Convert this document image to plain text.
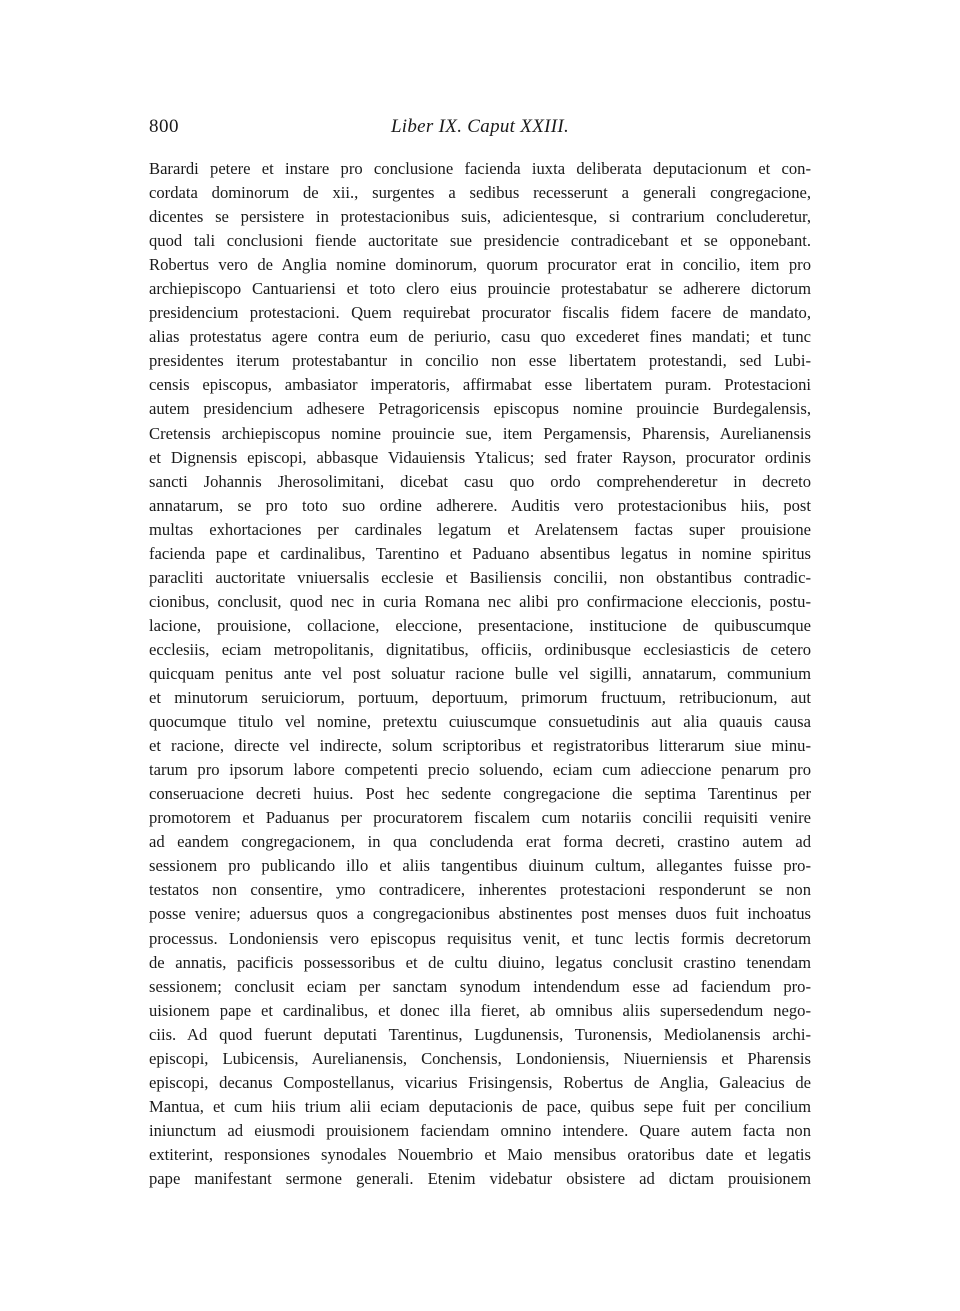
800	Liber IX. Caput XXIII.
Barardi petere et instare pro conclusione facienda iuxta deliberata deputacionum et con-
cordata dominorum de xii., surgentes a sedibus recesserunt a generali congregacione,
dicentes se persistere in protestacionibus suis, adicientesque, si contrarium concluderetur,
quod tali conclusioni fiende auctoritate sue presidencie contradicebant et se opponebant.
Robertus vero de Anglia nomine dominorum, quorum procurator erat in concilio, item pro
archiepiscopo Cantuariensi et toto clero eius prouincie protestabatur se adherere dictorum
presidencium protestacioni. Quem requirebat procurator fiscalis fidem facere de mandato,
alias protestatus agere contra eum de periurio, casu quo excederet fines mandati; et tunc
presidentes iterum protestabantur in concilio non esse libertatem protestandi, sed Lubi-
censis episcopus, ambasiator imperatoris, affirmabat esse libertatem puram. Protestacioni
autem presidencium adhesere Petragoricensis episcopus nomine prouincie Burdegalensis,
Cretensis archiepiscopus nomine prouincie sue, item Pergamensis, Pharensis, Aurelianensis
et Dignensis episcopi, abbasque Vidauiensis Ytalicus; sed frater Rayson, procurator ordinis
sancti Johannis Jherosolimitani, dicebat casu quo ordo comprehenderetur in decreto
annatarum, se pro toto suo ordine adherere. Auditis vero protestacionibus hiis, post
multas exhortaciones per cardinales legatum et Arelatensem factas super prouisione
facienda pape et cardinalibus, Tarentino et Paduano absentibus legatus in nomine spiritus
paracliti auctoritate vniuersalis ecclesie et Basiliensis concilii, non obstantibus contradic-
cionibus, conclusit, quod nec in curia Romana nec alibi pro confirmacione eleccionis, postu-
lacione, prouisione, collacione, eleccione, presentacione, institucione de quibuscumque
ecclesiis, eciam metropolitanis, dignitatibus, officiis, ordinibusque ecclesiasticis de cetero
quicquam penitus ante vel post soluatur racione bulle vel sigilli, annatarum, communium
et minutorum seruiciorum, portuum, deportuum, primorum fructuum, retribucionum, aut
quocumque titulo vel nomine, pretextu cuiuscumque consuetudinis aut alia quauis causa
et racione, directe vel indirecte, solum scriptoribus et registratoribus litterarum siue minu-
tarum pro ipsorum labore competenti precio soluendo, eciam cum adieccione penarum pro
conseruacione decreti huius. Post hec sedente congregacione die septima Tarentinus per
promotorem et Paduanus per procuratorem fiscalem cum notariis concilii requisiti venire
ad eandem congregacionem, in qua concludenda erat forma decreti, crastino autem ad
sessionem pro publicando illo et aliis tangentibus diuinum cultum, allegantes fuisse pro-
testatos non consentire, ymo contradicere, inherentes protestacioni responderunt se non
posse venire; aduersus quos a congregacionibus abstinentes post menses duos fuit inchoatus
processus. Londoniensis vero episcopus requisitus venit, et tunc lectis formis decretorum
de annatis, pacificis possessoribus et de cultu diuino, legatus conclusit crastino tenendam
sessionem; conclusit eciam per sanctam synodum intendendum esse ad faciendum pro-
uisionem pape et cardinalibus, et donec illa fieret, ab omnibus aliis supersedendum nego-
ciis. Ad quod fuerunt deputati Tarentinus, Lugdunensis, Turonensis, Mediolanensis archi-
episcopi, Lubicensis, Aurelianensis, Conchensis, Londoniensis, Niuerniensis et Pharensis
episcopi, decanus Compostellanus, vicarius Frisingensis, Robertus de Anglia, Galeacius de
Mantua, et cum hiis trium alii eciam deputacionis de pace, quibus sepe fuit per concilium
iniunctum ad eiusmodi prouisionem faciendam omnino intendere. Quare autem facta non
extiterint, responsiones synodales Nouembrio et Maio mensibus oratoribus date et legatis
pape manifestant sermone generali. Etenim videbatur obsistere ad dictam prouisionem
